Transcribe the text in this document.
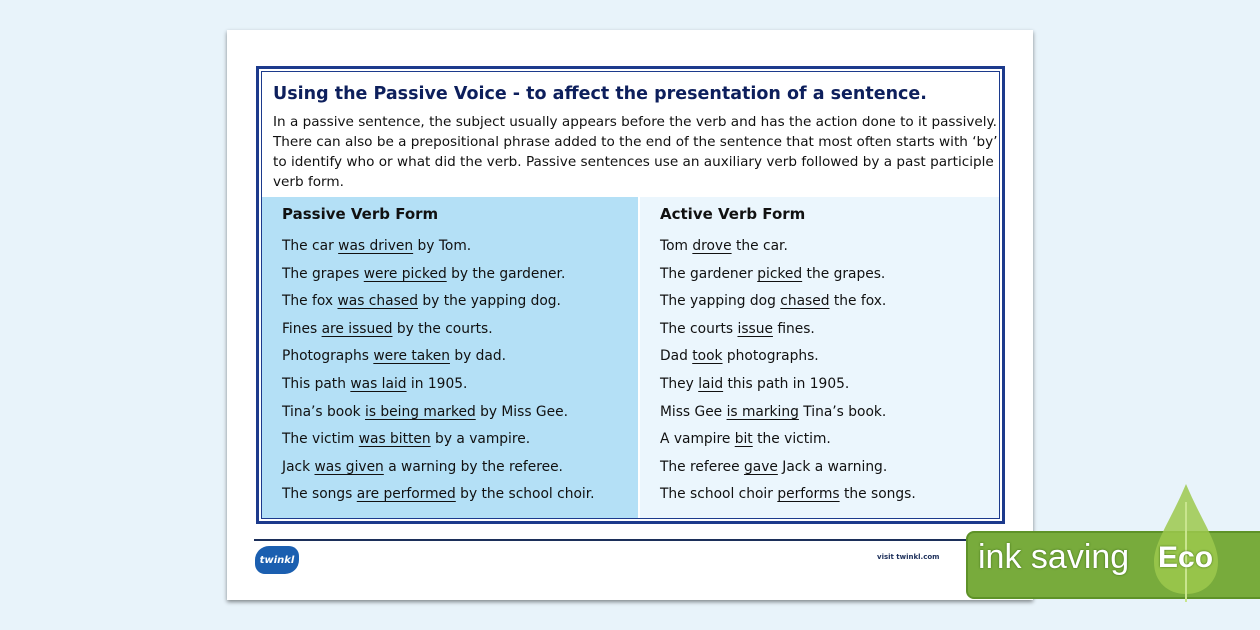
Using the Passive Voice - to affect the presentation of a sentence.
In a passive sentence, the subject usually appears before the verb and has the action done to it passively. There can also be a prepositional phrase added to the end of the sentence that most often starts with ‘by’ to identify who or what did the verb. Passive sentences use an auxiliary verb followed by a past participle verb form.
Passive Verb Form
The car was driven by Tom.
The grapes were picked by the gardener.
The fox was chased by the yapping dog.
Fines are issued by the courts.
Photographs were taken by dad.
This path was laid in 1905.
Tina’s book is being marked by Miss Gee.
The victim was bitten by a vampire.
Jack was given a warning by the referee.
The songs are performed by the school choir.
Active Verb Form
Tom drove the car.
The gardener picked the grapes.
The yapping dog chased the fox.
The courts issue fines.
Dad took photographs.
They laid this path in 1905.
Miss Gee is marking Tina’s book.
A vampire bit the victim.
The referee gave Jack a warning.
The school choir performs the songs.
twinkl	visit twinkl.com ink saving Eco
